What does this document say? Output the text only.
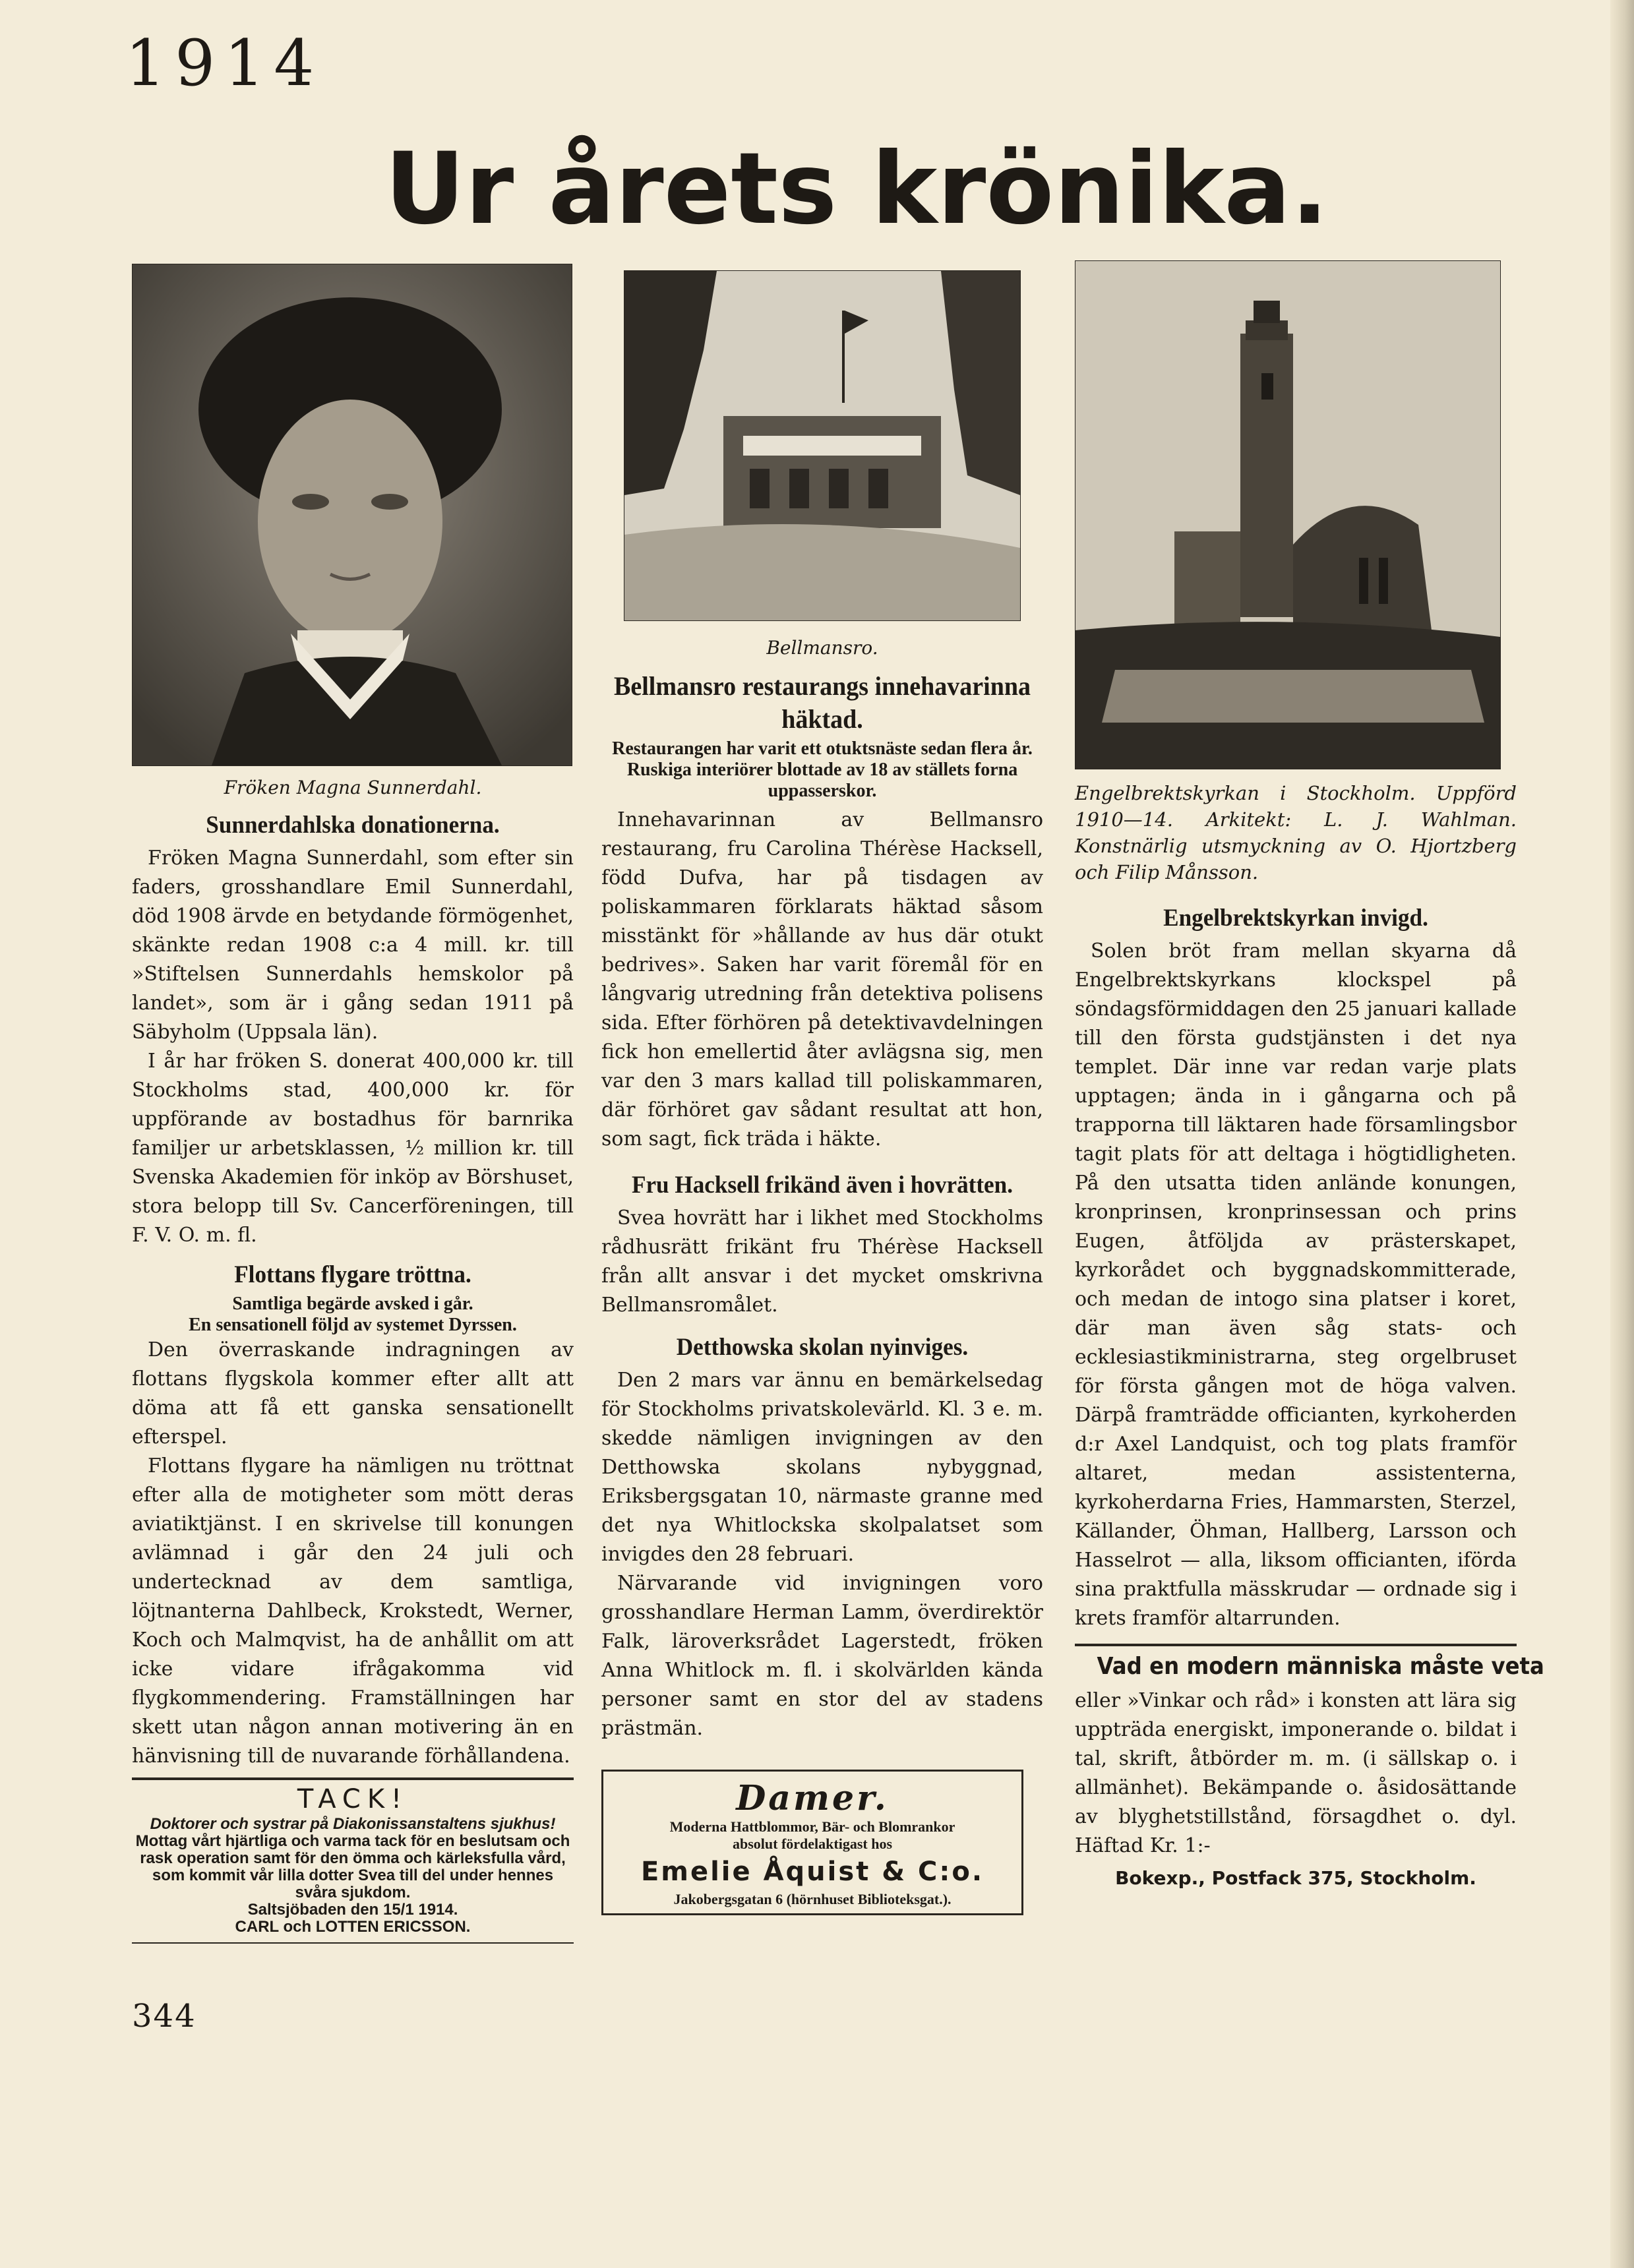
1914
Ur årets krönika.
Fröken Magna Sunnerdahl.
Sunnerdahlska donationerna.

Fröken Magna Sunnerdahl, som efter sin faders, grosshandlare Emil Sunnerdahl, död 1908 ärvde en betydande förmögenhet, skänkte redan 1908 c:a 4 mill. kr. till »Stiftelsen Sunnerdahls hemskolor på landet», som är i gång sedan 1911 på Säbyholm (Uppsala län).

I år har fröken S. donerat 400,000 kr. till Stockholms stad, 400,000 kr. för uppförande av bostadhus för barnrika familjer ur arbetsklassen, ½ million kr. till Svenska Akademien för inköp av Börshuset, stora belopp till Sv. Cancerföreningen, till F. V. O. m. fl.

Flottans flygare tröttna.
Samtliga begärde avsked i går.
En sensationell följd av systemet Dyrssen.

Den överraskande indragningen av flottans flygskola kommer efter allt att döma att få ett ganska sensationellt efterspel.

Flottans flygare ha nämligen nu tröttnat efter alla de motigheter som mött deras aviatiktjänst. I en skrivelse till konungen avlämnad i går den 24 juli och undertecknad av dem samtliga, löjtnanterna Dahlbeck, Krokstedt, Werner, Koch och Malmqvist, ha de anhållit om att icke vidare ifrågakomma vid flygkommendering. Framställningen har skett utan någon annan motivering än en hänvisning till de nuvarande förhållandena.

TACK!
Doktorer och systrar på Diakonissanstaltens sjukhus!
Mottag vårt hjärtliga och varma tack för en beslutsam och rask operation samt för den ömma och kärleksfulla vård, som kommit vår lilla dotter Svea till del under hennes svåra sjukdom.
Saltsjöbaden den 15/1 1914.
CARL och LOTTEN ERICSSON.
Bellmansro.
Bellmansro restaurangs innehavarinna häktad.
Restaurangen har varit ett otuktsnäste sedan flera år.
Ruskiga interiörer blottade av 18 av ställets forna uppasserskor.

Innehavarinnan av Bellmansro restaurang, fru Carolina Thérèse Hacksell, född Dufva, har på tisdagen av poliskammaren förklarats häktad såsom misstänkt för »hållande av hus där otukt bedrives». Saken har varit föremål för en långvarig utredning från detektiva polisens sida. Efter förhören på detektivavdelningen fick hon emellertid åter avlägsna sig, men var den 3 mars kallad till poliskammaren, där förhöret gav sådant resultat att hon, som sagt, fick träda i häkte.

Fru Hacksell frikänd även i hovrätten.

Svea hovrätt har i likhet med Stockholms rådhusrätt frikänt fru Thérèse Hacksell från allt ansvar i det mycket omskrivna Bellmansromålet.

Detthowska skolan nyinviges.

Den 2 mars var ännu en bemärkelsedag för Stockholms privatskolevärld. Kl. 3 e. m. skedde nämligen invigningen av den Detthowska skolans nybyggnad, Eriksbergsgatan 10, närmaste granne med det nya Whitlockska skolpalatset som invigdes den 28 februari.

Närvarande vid invigningen voro grosshandlare Herman Lamm, överdirektör Falk, läroverksrådet Lagerstedt, fröken Anna Whitlock m. fl. i skolvärlden kända personer samt en stor del av stadens prästmän.

Damer.
Moderna Hattblommor, Bär- och Blomrankor
absolut fördelaktigast hos
Emelie Åquist & C:o.
Jakobergsgatan 6 (hörnhuset Biblioteksgat.).
Engelbrektskyrkan i Stockholm. Uppförd 1910—14. Arkitekt: L. J. Wahlman. Konstnärlig utsmyckning av O. Hjortzberg och Filip Månsson.
Engelbrektskyrkan invigd.

Solen bröt fram mellan skyarna då Engelbrektskyrkans klockspel på söndagsförmiddagen den 25 januari kallade till den första gudstjänsten i det nya templet. Där inne var redan varje plats upptagen; ända in i gångarna och på trapporna till läktaren hade församlingsbor tagit plats för att deltaga i högtidligheten. På den utsatta tiden anlände konungen, kronprinsen, kronprinsessan och prins Eugen, åtföljda av prästerskapet, kyrkorådet och byggnadskommitterade, och medan de intogo sina platser i koret, där man även såg stats- och ecklesiastikministrarna, steg orgelbruset för första gången mot de höga valven. Därpå framträdde officianten, kyrkoherden d:r Axel Landquist, och tog plats framför altaret, medan assistenterna, kyrkoherdarna Fries, Hammarsten, Sterzel, Källander, Öhman, Hallberg, Larsson och Hasselrot — alla, liksom officianten, iförda sina praktfulla mässkrudar — ordnade sig i krets framför altarrunden.

Vad en modern människa måste veta

eller »Vinkar och råd» i konsten att lära sig uppträda energiskt, imponerande o. bildat i tal, skrift, åtbörder m. m. (i sällskap o. i allmänhet). Bekämpande o. åsidosättande av blyghetstillstånd, försagdhet o. dyl. Häftad Kr. 1:-

Bokexp., Postfack 375, Stockholm.
344
